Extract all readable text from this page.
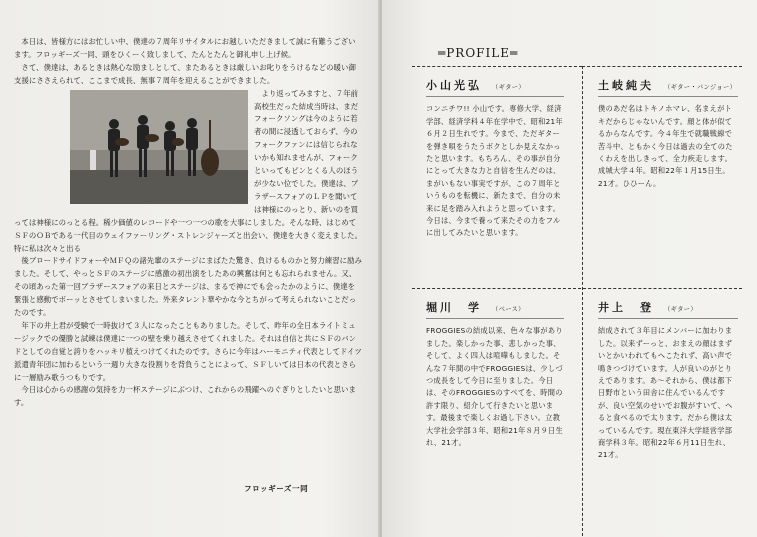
本日は、皆様方にはお忙しい中、僕達の７周年リサイタルにお越しいただきまして誠に有難うございます。フロッギーズ一同、頭をひくーく致しまして、たんとたんと御礼申し上げ候。

さて、僕達は、あるときは熱心な励ましとして、またあるときは厳しいお叱りをうけるなどの暖い御支援にささえられて、ここまで成長、無事７周年を迎えることができました。

より返ってみますと、７年前高校生だった結成当時は、まだフォークソングは今のように若者の間に浸透しておらず、今のフォークファンには信じられないかも知れませんが、フォークといってもピンとくる人のほうが少ない位でした。僕達は、ブラザースフォアのＬＰを聞いては神様にのっとり、新いのを買っては神様にのっとる程。稀少価値のレコードや一つ一つの歌を大事にしました。そんな時、はじめてＳＦのＯＢである一代目のウェイファーリング・ストレンジャーズと出会い、僕達を大きく変えました。特に私は次々と出る

後ブロードサイドフォーやＭＦＱの諸先輩のステージにまばたた驚き、負けるものかと努力練習に励みました。そして、やっとＳＦのステージに感激の初出演をしたあの興奮は何とも忘れられません。又、その頃あった第一回ブラザースフォアの来日とステージは、まるで神にでも会ったかのように、僕達を緊張と感動でボーッとさせてしまいました。外来タレント華やかな今とちがって考えられないことだったのです。

年下の井上君が受験で一時抜けて３人になったこともありました。そして、昨年の全日本ライトミュージックでの優勝と試練は僕達に一つの壁を乗り越えさせてくれました。それは自信と共にＳＦのバンドとしての自覚と誇りをハッキリ植えつけてくれたのです。さらに今年はハーモニティ代表としてドイツ派遣青年団に加わるという一週り大きな役割りを背負うことによって、ＳＦしいては日本の代表とさらに一層励み歌うつもりです。

今日は心からの感謝の気持を力一杯ステージにぶつけ、これからの飛躍へのぐぎりとしたいと思います。

フロッギーズ一同
═PROFILE═
小山光弘 （ギター）
コンニチワ!! 小山です。専修大学、経済学部、経済学科４年在学中で、昭和21年６月２日生れです。今まで、ただギターを弾き唄をうたうボクとしか見えなかったと思います。もちろん、その事が自分にとって大きな力と自信を生んだのは、まがいもない事実ですが、この７周年というものを転機に、新たまで、自分の未来に足を踏み入れようと思っています。今日は、今まで養って来たその力をフルに出してみたいと思います。
土岐純夫 （ギター・バンジョー）
僕のあだ名はトキノホマレ、名まえがトキだからじゃないんです。顔と体が似てるからなんです。今４年生で就職戦線で苦斗中、ともかく今日は過去の全てのたくわえを出しきって、全力疾走します。成城大学４年。昭和22年１月15日生。21才。ひひーん。
堀川　学 （ベース）
FROGGIESの結成以来、色々な事がありました。楽しかった事、悲しかった事、そして、よく四人は喧嘩もしました。そんな７年間の中でFROGGIESは、少しづつ成長をして今日に至りました。今日は、そのFROGGIESのすべてを、時間の許す限り、紹介して行きたいと思います。最後まで楽しくお過し下さい。立教大学社会学部３年、昭和21年８月９日生れ、21才。
井上　登 （ギター）
結成されて３年目にメンバーに加わりました。以来ずーっと、おまえの顔はまずいとかいわれてもへこたれず、高い声で鳴きつづけています。人が良いのがとりえであります。あ～それから、僕は都下日野市という田舎に住んでいるんですが、良い空気のせいでお腹がすいて、へると食べるので太ります。だから僕は太っているんです。現在東洋大学経営学部商学科３年。昭和22年６月11日生れ、21才。
